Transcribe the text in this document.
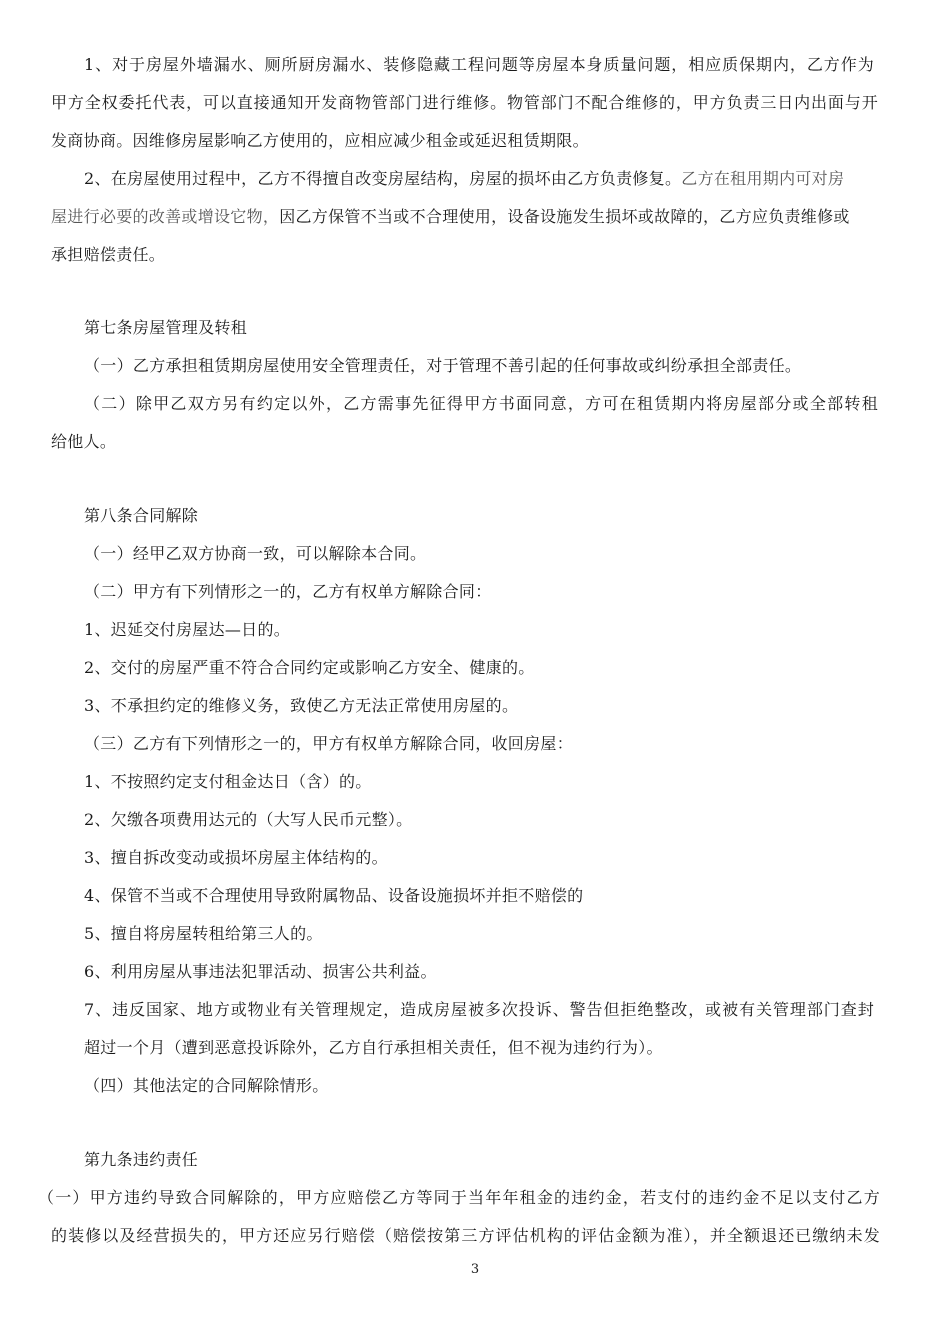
1、对于房屋外墙漏水、厕所厨房漏水、装修隐藏工程问题等房屋本身质量问题，相应质保期内，乙方作为
甲方全权委托代表，可以直接通知开发商物管部门进行维修。物管部门不配合维修的，甲方负责三日内出面与开
发商协商。因维修房屋影响乙方使用的，应相应减少租金或延迟租赁期限。
2、在房屋使用过程中，乙方不得擅自改变房屋结构，房屋的损坏由乙方负责修复。乙方在租用期内可对房
屋进行必要的改善或增设它物，因乙方保管不当或不合理使用，设备设施发生损坏或故障的，乙方应负责维修或
承担赔偿责任。
第七条房屋管理及转租
（一）乙方承担租赁期房屋使用安全管理责任，对于管理不善引起的任何事故或纠纷承担全部责任。
（二）除甲乙双方另有约定以外，乙方需事先征得甲方书面同意，方可在租赁期内将房屋部分或全部转租
给他人。
第八条合同解除
（一）经甲乙双方协商一致，可以解除本合同。
（二）甲方有下列情形之一的，乙方有权单方解除合同：
1、迟延交付房屋达—日的。
2、交付的房屋严重不符合合同约定或影响乙方安全、健康的。
3、不承担约定的维修义务，致使乙方无法正常使用房屋的。
（三）乙方有下列情形之一的，甲方有权单方解除合同，收回房屋：
1、不按照约定支付租金达日（含）的。
2、欠缴各项费用达元的（大写人民币元整）。
3、擅自拆改变动或损坏房屋主体结构的。
4、保管不当或不合理使用导致附属物品、设备设施损坏并拒不赔偿的
5、擅自将房屋转租给第三人的。
6、利用房屋从事违法犯罪活动、损害公共利益。
7、违反国家、地方或物业有关管理规定，造成房屋被多次投诉、警告但拒绝整改，或被有关管理部门查封
超过一个月（遭到恶意投诉除外，乙方自行承担相关责任，但不视为违约行为）。
（四）其他法定的合同解除情形。
第九条违约责任
（一）甲方违约导致合同解除的，甲方应赔偿乙方等同于当年年租金的违约金，若支付的违约金不足以支付乙方
的装修以及经营损失的，甲方还应另行赔偿（赔偿按第三方评估机构的评估金额为准），并全额退还已缴纳未发
3
